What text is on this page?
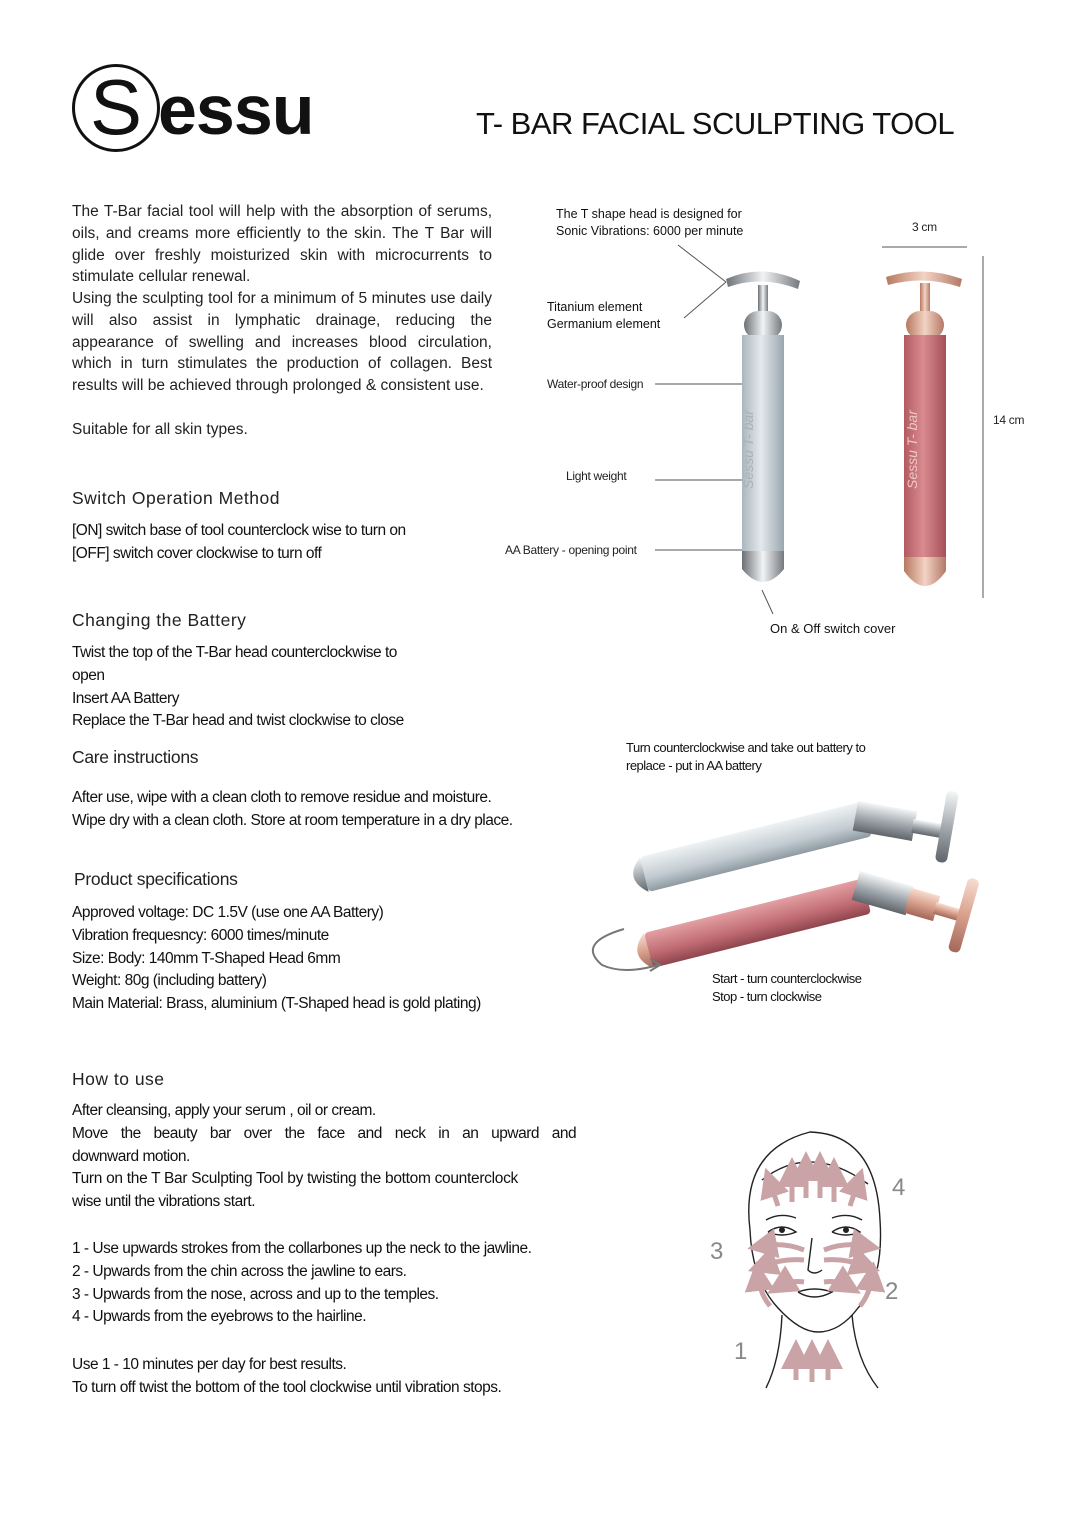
S essu	T- BAR FACIAL SCULPTING TOOL
The T-Bar facial tool will help with the absorption of serums, oils, and creams more efficiently to the skin. The T Bar will glide over freshly moisturized skin with microcurrents to stimulate cellular renewal.
Using the sculpting tool for a minimum of 5 minutes use daily will also assist in lymphatic drainage, reducing the appearance of swelling and increases blood circulation, which in turn stimulates the production of collagen. Best results will be achieved through prolonged & consistent use.
Suitable for all skin types.
Switch Operation Method
[ON] switch base of tool counterclock wise to turn on
[OFF] switch cover clockwise to turn off
Changing the Battery
Twist the top of the T-Bar head counterclockwise to
open
Insert AA Battery
Replace the T-Bar head and twist clockwise to close
Care instructions
After use, wipe with a clean cloth to remove residue and moisture.
Wipe dry with a clean cloth. Store at room temperature in a dry place.
Product specifications
Approved voltage: DC 1.5V (use one AA Battery)
Vibration frequesncy: 6000 times/minute
Size: Body: 140mm T-Shaped Head 6mm
Weight: 80g (including battery)
Main Material: Brass, aluminium (T-Shaped head is gold plating)
How to use
After cleansing, apply your serum , oil or cream.
Move the beauty bar over the face and neck in an upward and
downward motion.
Turn on the T Bar Sculpting Tool by twisting the bottom counterclock
wise until the vibrations start.
1 - Use upwards strokes from the collarbones up the neck to the jawline.
2 - Upwards from the chin across the jawline to ears.
3 - Upwards from the nose, across and up to the temples.
4 - Upwards from the eyebrows to the hairline.
Use 1 - 10 minutes per day for best results.
To turn off twist the bottom of the tool clockwise until vibration stops.
Sessu T- bar	Sessu T- bar
The T shape head is designed for
Sonic Vibrations: 6000 per minute
Titanium element
Germanium element
Water-proof design
Light weight
AA Battery - opening point
On & Off switch cover
3 cm
14 cm
Turn counterclockwise and take out battery to
replace - put in AA battery
Start - turn counterclockwise
Stop - turn clockwise
1
2
3
4
